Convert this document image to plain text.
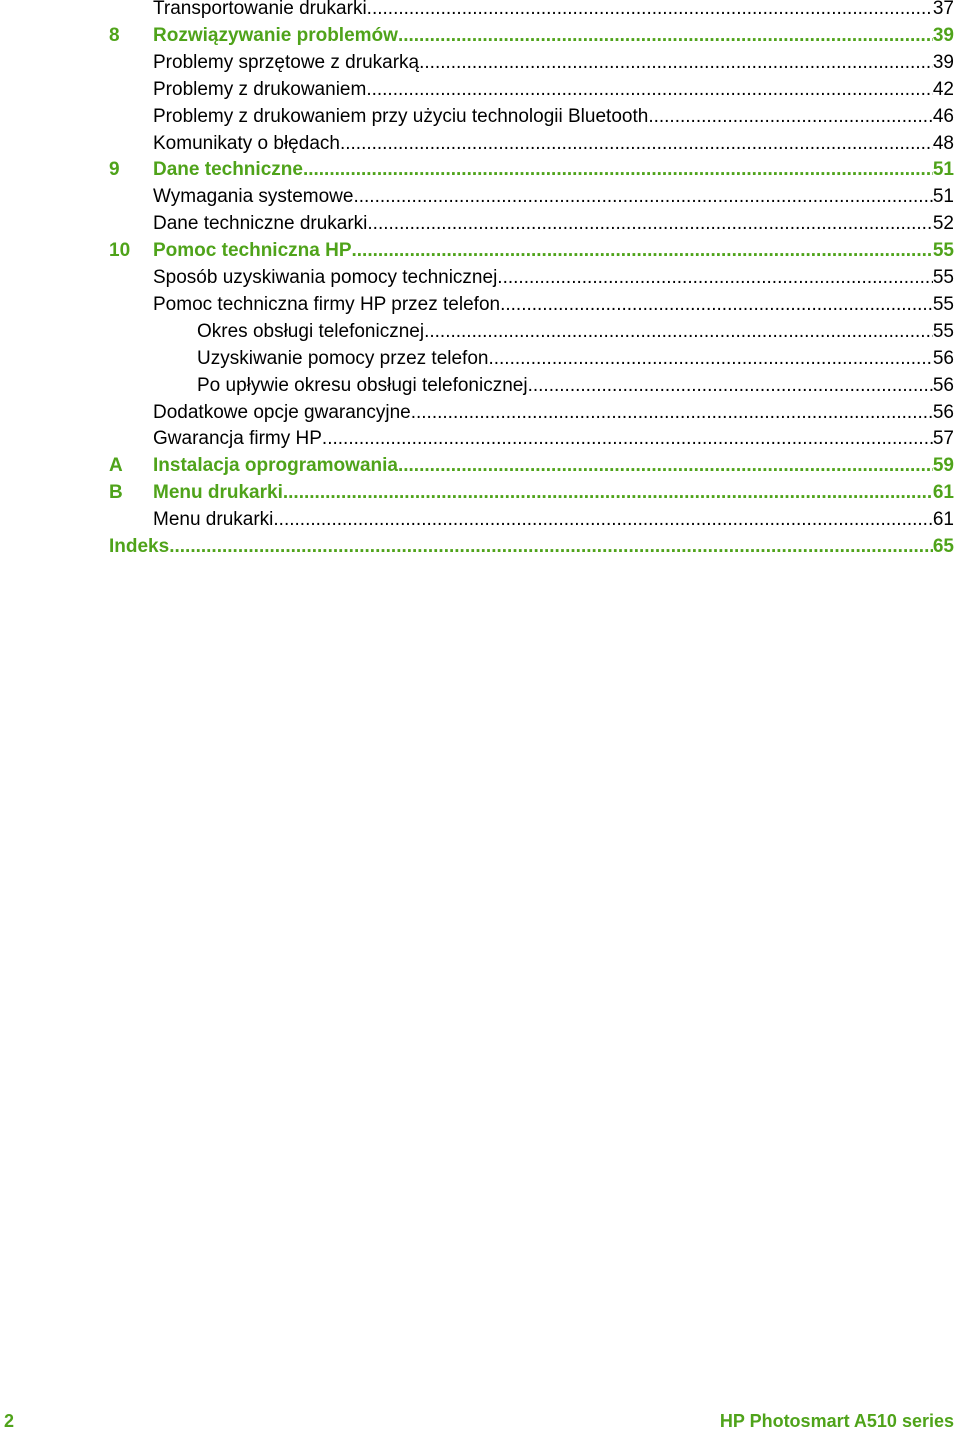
Transportowanie drukarki .....	37
8 Rozwiązywanie problemów .....	39
Problemy sprzętowe z drukarką .....	39
Problemy z drukowaniem .....	42
Problemy z drukowaniem przy użyciu technologii Bluetooth .....	46
Komunikaty o błędach .....	48
9 Dane techniczne .....	51
Wymagania systemowe .....	51
Dane techniczne drukarki .....	52
10 Pomoc techniczna HP .....	55
Sposób uzyskiwania pomocy technicznej .....	55
Pomoc techniczna firmy HP przez telefon .....	55
Okres obsługi telefonicznej .....	55
Uzyskiwanie pomocy przez telefon .....	56
Po upływie okresu obsługi telefonicznej .....	56
Dodatkowe opcje gwarancyjne .....	56
Gwarancja firmy HP .....	57
A Instalacja oprogramowania .....	59
B Menu drukarki .....	61
Menu drukarki .....	61
Indeks .....	65
2	HP Photosmart A510 series
